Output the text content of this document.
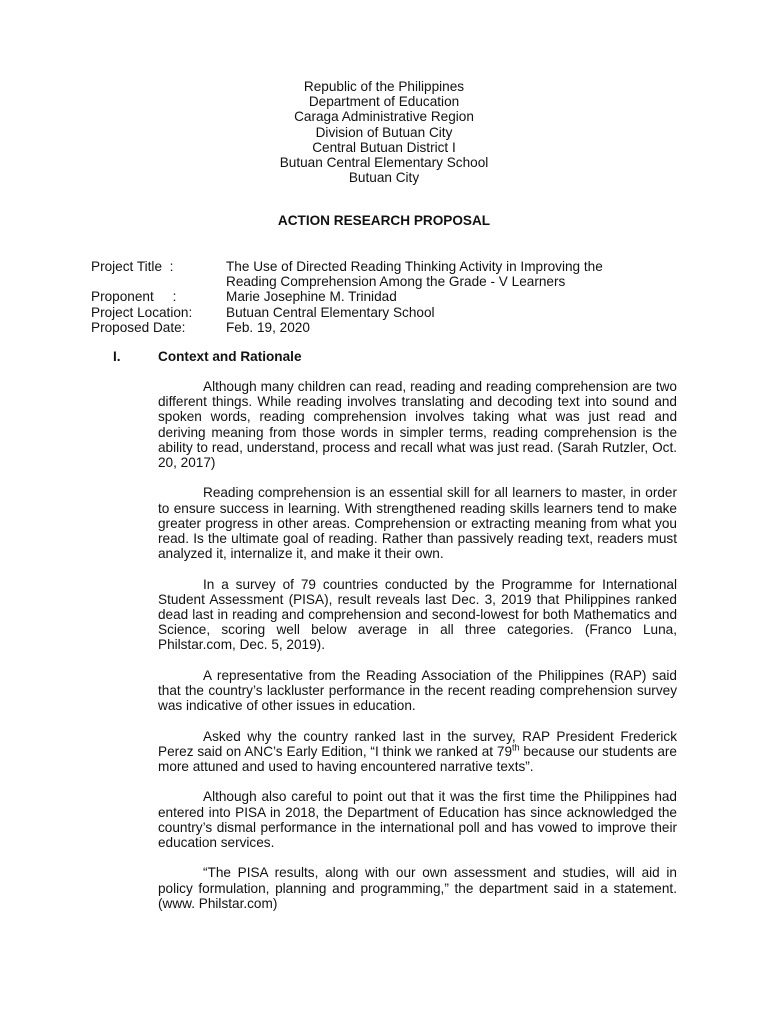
Republic of the Philippines
Department of Education
Caraga Administrative Region
Division of Butuan City
Central Butuan District I
Butuan Central Elementary School
Butuan City
ACTION RESEARCH PROPOSAL
Project Title  :	The Use of Directed Reading Thinking Activity in Improving the
Reading Comprehension Among the Grade - V Learners
Proponent     :	Marie Josephine M. Trinidad
Project Location:	Butuan Central Elementary School
Proposed Date:	Feb. 19, 2020
I.	Context and Rationale

Although many children can read, reading and reading comprehension are two different things. While reading involves translating and decoding text into sound and spoken words, reading comprehension involves taking what was just read and deriving meaning from those words in simpler terms, reading comprehension is the ability to read, understand, process and recall what was just read. (Sarah Rutzler, Oct. 20, 2017)

Reading comprehension is an essential skill for all learners to master, in order to ensure success in learning. With strengthened reading skills learners tend to make greater progress in other areas. Comprehension or extracting meaning from what you read. Is the ultimate goal of reading. Rather than passively reading text, readers must analyzed it, internalize it, and make it their own.

In a survey of 79 countries conducted by the Programme for International Student Assessment (PISA), result reveals last Dec. 3, 2019 that Philippines ranked dead last in reading and comprehension and second-lowest for both Mathematics and Science, scoring well below average in all three categories. (Franco Luna, Philstar.com, Dec. 5, 2019).

A representative from the Reading Association of the Philippines (RAP) said that the country’s lackluster performance in the recent reading comprehension survey was indicative of other issues in education.

Asked why the country ranked last in the survey, RAP President Frederick Perez said on ANC’s Early Edition, “I think we ranked at 79th because our students are more attuned and used to having encountered narrative texts”.

Although also careful to point out that it was the first time the Philippines had entered into PISA in 2018, the Department of Education has since acknowledged the country’s dismal performance in the international poll and has vowed to improve their education services.

“The PISA results, along with our own assessment and studies, will aid in policy formulation, planning and programming,” the department said in a statement. (www. Philstar.com)
